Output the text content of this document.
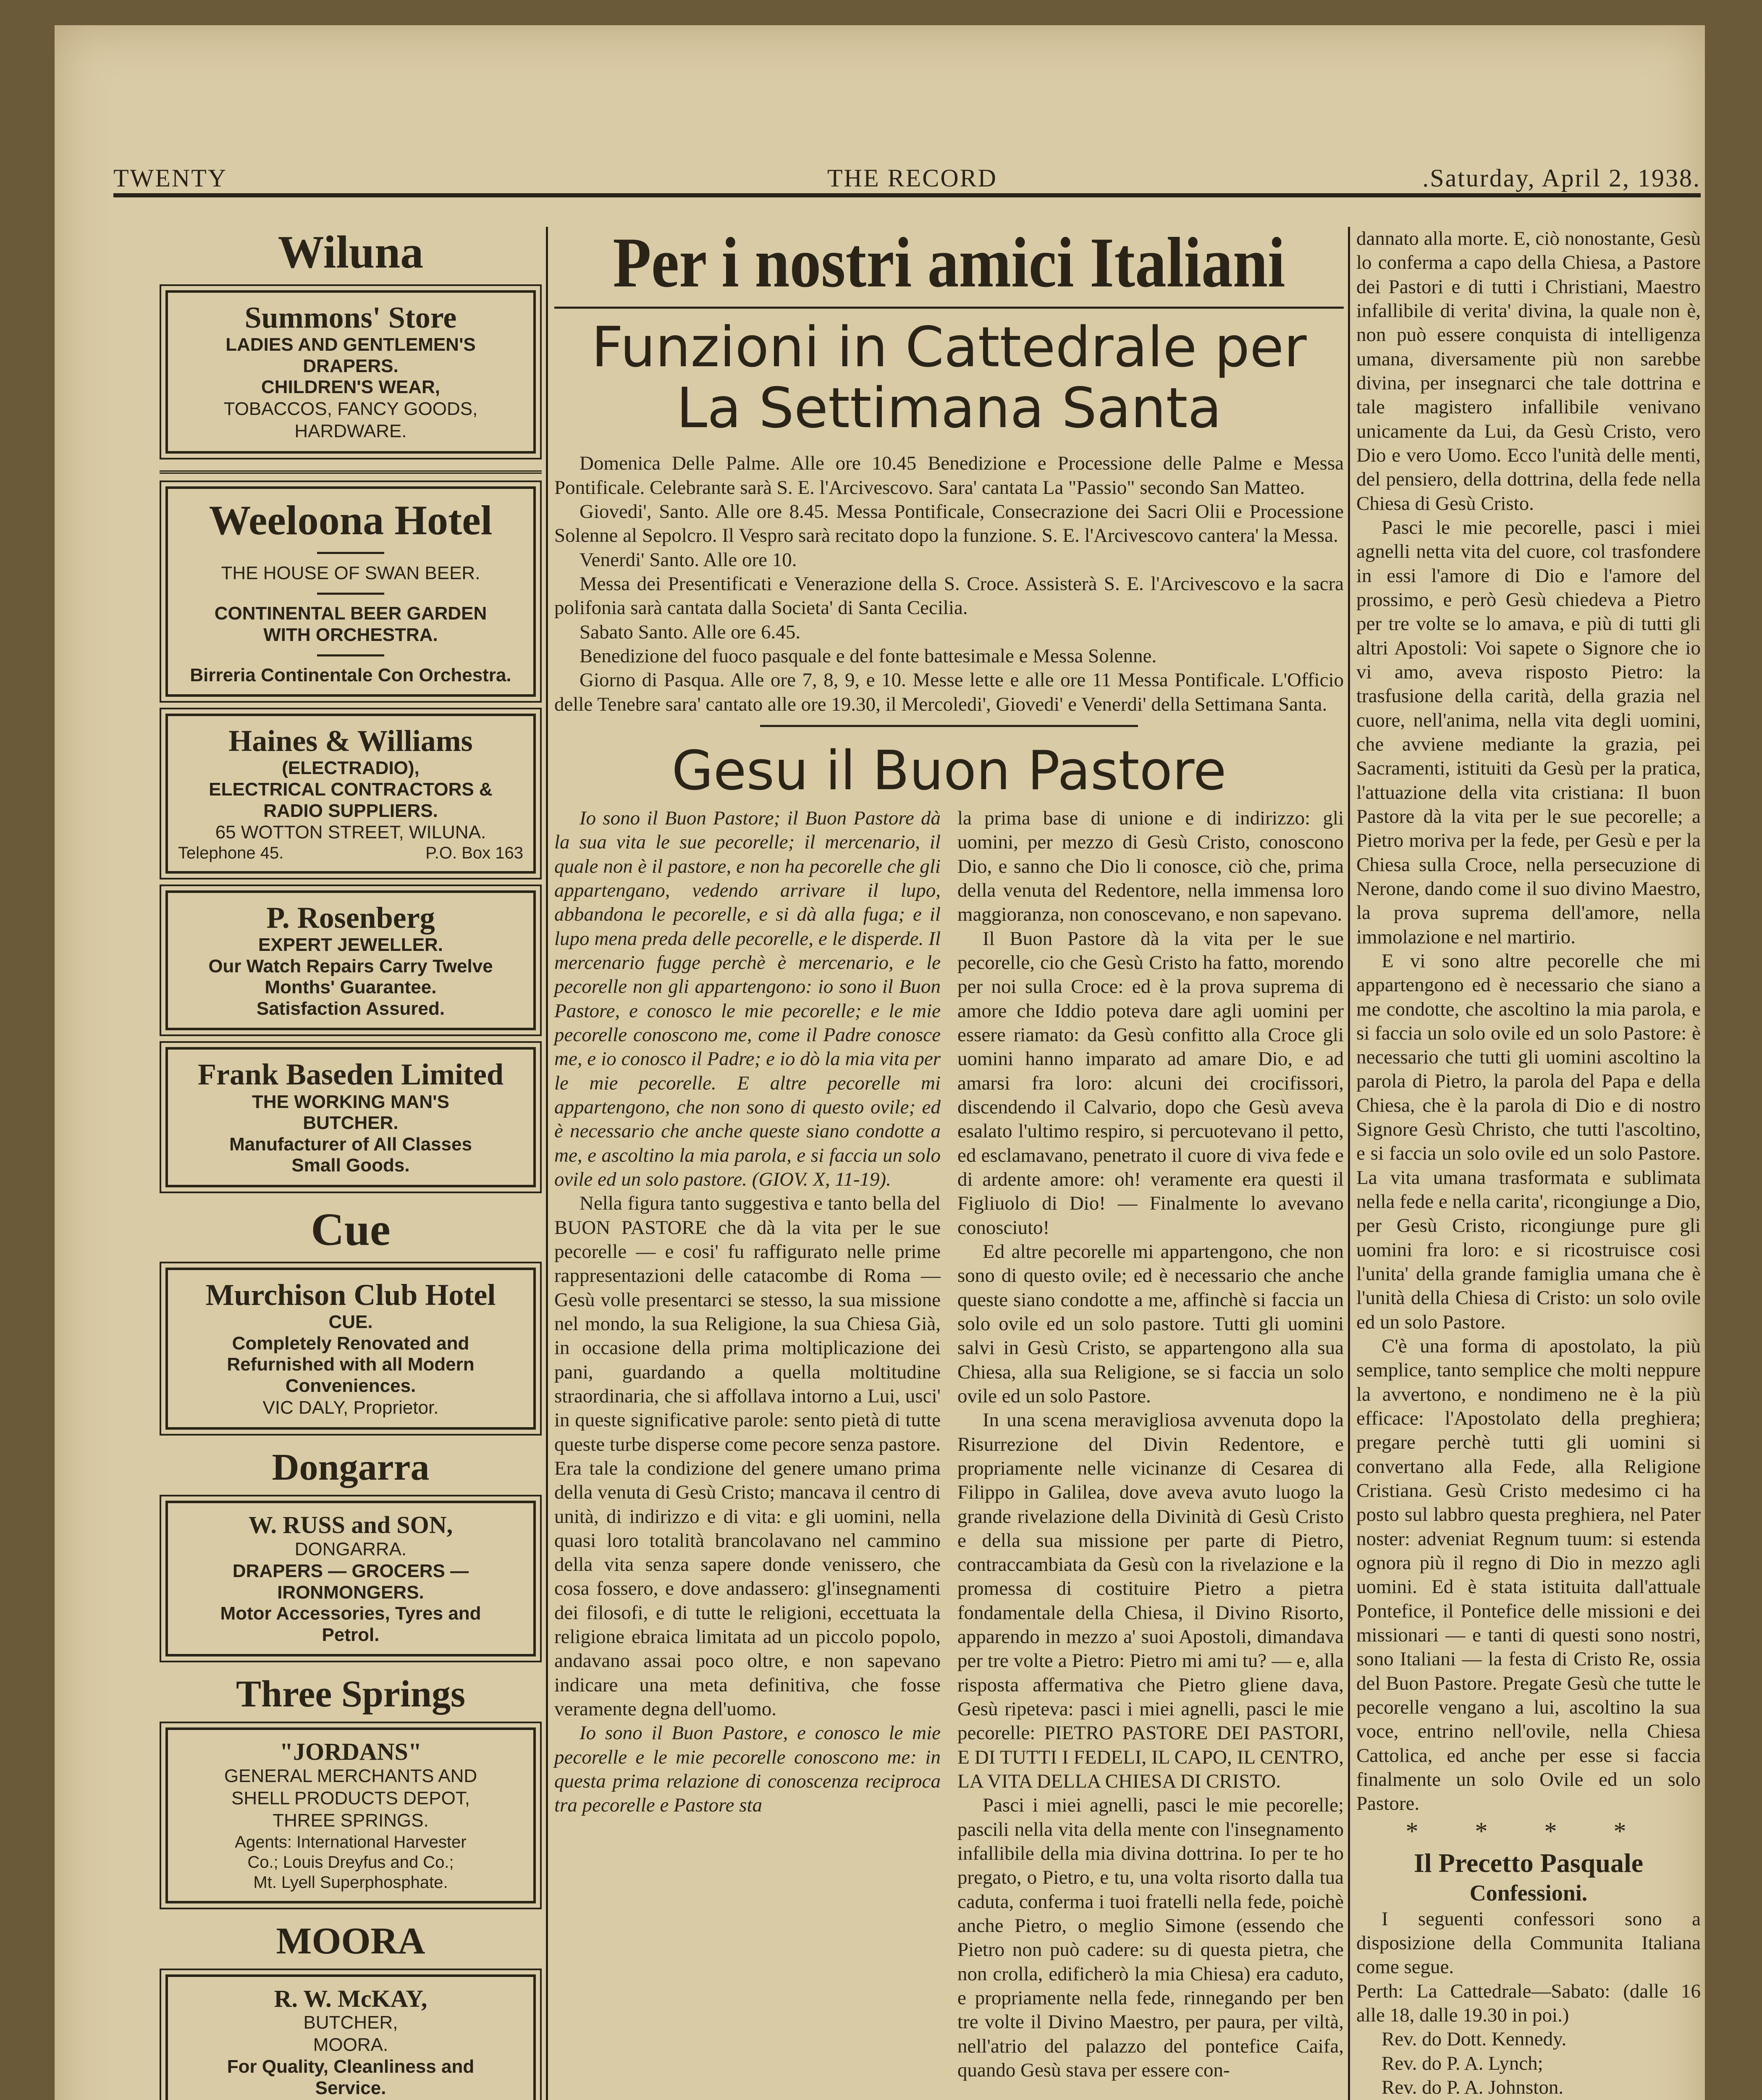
TWENTY	THE RECORD	.Saturday, April 2, 1938.

Wiluna

Summons' Store
LADIES AND GENTLEMEN'S
DRAPERS.
CHILDREN'S WEAR,
TOBACCOS, FANCY GOODS,
HARDWARE.
Weeloona Hotel
THE HOUSE OF SWAN BEER.
CONTINENTAL BEER GARDEN
WITH ORCHESTRA.
Birreria Continentale Con Orchestra.
Haines & Williams
(ELECTRADIO),
ELECTRICAL CONTRACTORS &
RADIO SUPPLIERS.
65 WOTTON STREET, WILUNA.
Telephone 45.	P.O. Box 163
P. Rosenberg
EXPERT JEWELLER.
Our Watch Repairs Carry Twelve
Months' Guarantee.
Satisfaction Assured.
Frank Baseden Limited
THE WORKING MAN'S
BUTCHER.
Manufacturer of All Classes
Small Goods.

Cue

Murchison Club Hotel
CUE.
Completely Renovated and Refurnished with all Modern Conveniences.
VIC DALY, Proprietor.

Dongarra

W. RUSS and SON,
DONGARRA.
DRAPERS — GROCERS —
IRONMONGERS.
Motor Accessories, Tyres and
Petrol.

Three Springs

"JORDANS"
GENERAL MERCHANTS AND
SHELL PRODUCTS DEPOT,
THREE SPRINGS.
Agents: International Harvester
Co.; Louis Dreyfus and Co.;
Mt. Lyell Superphosphate.

MOORA

R. W. McKAY,
BUTCHER,
MOORA.
For Quality, Cleanliness and
Service.

Per i nostri amici Italiani

Funzioni in Cattedrale per La Settimana Santa

Domenica Delle Palme. Alle ore 10.45 Benedizione e Processione delle Palme e Messa Pontificale. Celebrante sarà S. E. l'Arcivescovo. Sara' cantata La "Passio" secondo San Matteo.

Giovedi', Santo. Alle ore 8.45. Messa Pontificale, Consecrazione dei Sacri Olii e Processione Solenne al Sepolcro. Il Vespro sarà recitato dopo la funzione. S. E. l'Arcivescovo cantera' la Messa.

Venerdi' Santo. Alle ore 10.

Messa dei Presentificati e Venerazione della S. Croce. Assisterà S. E. l'Arcivescovo e la sacra polifonia sarà cantata dalla Societa' di Santa Cecilia.

Sabato Santo. Alle ore 6.45.

Benedizione del fuoco pasquale e del fonte battesimale e Messa Solenne.

Giorno di Pasqua. Alle ore 7, 8, 9, e 10. Messe lette e alle ore 11 Messa Pontificale. L'Officio delle Tenebre sara' cantato alle ore 19.30, il Mercoledi', Giovedi' e Venerdi' della Settimana Santa.

Gesu il Buon Pastore

Io sono il Buon Pastore; il Buon Pastore dà la sua vita le sue pecorelle; il mercenario, il quale non è il pastore, e non ha pecorelle che gli appartengano, vedendo arrivare il lupo, abbandona le pecorelle, e si dà alla fuga; e il lupo mena preda delle pecorelle, e le disperde. Il mercenario fugge perchè è mercenario, e le pecorelle non gli appartengono: io sono il Buon Pastore, e conosco le mie pecorelle; e le mie pecorelle conoscono me, come il Padre conosce me, e io conosco il Padre; e io dò la mia vita per le mie pecorelle. E altre pecorelle mi appartengono, che non sono di questo ovile; ed è necessario che anche queste siano condotte a me, e ascoltino la mia parola, e si faccia un solo ovile ed un solo pastore. (GIOV. X, 11-19).

Nella figura tanto suggestiva e tanto bella del BUON PASTORE che dà la vita per le sue pecorelle — e cosi' fu raffigurato nelle prime rappresentazioni delle catacombe di Roma — Gesù volle presentarci se stesso, la sua missione nel mondo, la sua Religione, la sua Chiesa Già, in occasione della prima moltiplicazione dei pani, guardando a quella moltitudine straordinaria, che si affollava intorno a Lui, usci' in queste significative parole: sento pietà di tutte queste turbe disperse come pecore senza pastore. Era tale la condizione del genere umano prima della venuta di Gesù Cristo; mancava il centro di unità, di indirizzo e di vita: e gli uomini, nella quasi loro totalità brancolavano nel cammino della vita senza sapere donde venissero, che cosa fossero, e dove andassero: gl'insegnamenti dei filosofi, e di tutte le religioni, eccettuata la religione ebraica limitata ad un piccolo popolo, andavano assai poco oltre, e non sapevano indicare una meta definitiva, che fosse veramente degna dell'uomo.

Io sono il Buon Pastore, e conosco le mie pecorelle e le mie pecorelle conoscono me: in questa prima relazione di conoscenza reciproca tra pecorelle e Pastore sta

la prima base di unione e di indirizzo: gli uomini, per mezzo di Gesù Cristo, conoscono Dio, e sanno che Dio li conosce, ciò che, prima della venuta del Redentore, nella immensa loro maggioranza, non conoscevano, e non sapevano.

Il Buon Pastore dà la vita per le sue pecorelle, cio che Gesù Cristo ha fatto, morendo per noi sulla Croce: ed è la prova suprema di amore che Iddio poteva dare agli uomini per essere riamato: da Gesù confitto alla Croce gli uomini hanno imparato ad amare Dio, e ad amarsi fra loro: alcuni dei crocifissori, discendendo il Calvario, dopo che Gesù aveva esalato l'ultimo respiro, si percuotevano il petto, ed esclamavano, penetrato il cuore di viva fede e di ardente amore: oh! veramente era questi il Figliuolo di Dio! — Finalmente lo avevano conosciuto!

Ed altre pecorelle mi appartengono, che non sono di questo ovile; ed è necessario che anche queste siano condotte a me, affinchè si faccia un solo ovile ed un solo pastore. Tutti gli uomini salvi in Gesù Cristo, se appartengono alla sua Chiesa, alla sua Religione, se si faccia un solo ovile ed un solo Pastore.

In una scena meravigliosa avvenuta dopo la Risurrezione del Divin Redentore, e propriamente nelle vicinanze di Cesarea di Filippo in Galilea, dove aveva avuto luogo la grande rivelazione della Divinità di Gesù Cristo e della sua missione per parte di Pietro, contraccambiata da Gesù con la rivelazione e la promessa di costituire Pietro a pietra fondamentale della Chiesa, il Divino Risorto, apparendo in mezzo a' suoi Apostoli, dimandava per tre volte a Pietro: Pietro mi ami tu? — e, alla risposta affermativa che Pietro gliene dava, Gesù ripeteva: pasci i miei agnelli, pasci le mie pecorelle: PIETRO PASTORE DEI PASTORI, E DI TUTTI I FEDELI, IL CAPO, IL CENTRO, LA VITA DELLA CHIESA DI CRISTO.

Pasci i miei agnelli, pasci le mie pecorelle; pascili nella vita della mente con l'insegnamento infallibile della mia divina dottrina. Io per te ho pregato, o Pietro, e tu, una volta risorto dalla tua caduta, conferma i tuoi fratelli nella fede, poichè anche Pietro, o meglio Simone (essendo che Pietro non può cadere: su di questa pietra, che non crolla, edificherò la mia Chiesa) era caduto, e propriamente nella fede, rinnegando per ben tre volte il Divino Maestro, per paura, per viltà, nell'atrio del palazzo del pontefice Caifa, quando Gesù stava per essere con-

dannato alla morte. E, ciò nonostante, Gesù lo conferma a capo della Chiesa, a Pastore dei Pastori e di tutti i Christiani, Maestro infallibile di verita' divina, la quale non è, non può essere conquista di intelligenza umana, diversamente più non sarebbe divina, per insegnarci che tale dottrina e tale magistero infallibile venivano unicamente da Lui, da Gesù Cristo, vero Dio e vero Uomo. Ecco l'unità delle menti, del pensiero, della dottrina, della fede nella Chiesa di Gesù Cristo.

Pasci le mie pecorelle, pasci i miei agnelli netta vita del cuore, col trasfondere in essi l'amore di Dio e l'amore del prossimo, e però Gesù chiedeva a Pietro per tre volte se lo amava, e più di tutti gli altri Apostoli: Voi sapete o Signore che io vi amo, aveva risposto Pietro: la trasfusione della carità, della grazia nel cuore, nell'anima, nella vita degli uomini, che avviene mediante la grazia, pei Sacramenti, istituiti da Gesù per la pratica, l'attuazione della vita cristiana: Il buon Pastore dà la vita per le sue pecorelle; a Pietro moriva per la fede, per Gesù e per la Chiesa sulla Croce, nella persecuzione di Nerone, dando come il suo divino Maestro, la prova suprema dell'amore, nella immolazione e nel martirio.

E vi sono altre pecorelle che mi appartengono ed è necessario che siano a me condotte, che ascoltino la mia parola, e si faccia un solo ovile ed un solo Pastore: è necessario che tutti gli uomini ascoltino la parola di Pietro, la parola del Papa e della Chiesa, che è la parola di Dio e di nostro Signore Gesù Christo, che tutti l'ascoltino, e si faccia un solo ovile ed un solo Pastore. La vita umana trasformata e sublimata nella fede e nella carita', ricongiunge a Dio, per Gesù Cristo, ricongiunge pure gli uomini fra loro: e si ricostruisce cosi l'unita' della grande famiglia umana che è l'unità della Chiesa di Cristo: un solo ovile ed un solo Pastore.

C'è una forma di apostolato, la più semplice, tanto semplice che molti neppure la avvertono, e nondimeno ne è la più efficace: l'Apostolato della preghiera; pregare perchè tutti gli uomini si convertano alla Fede, alla Religione Cristiana. Gesù Cristo medesimo ci ha posto sul labbro questa preghiera, nel Pater noster: adveniat Regnum tuum: si estenda ognora più il regno di Dio in mezzo agli uomini. Ed è stata istituita dall'attuale Pontefice, il Pontefice delle missioni e dei missionari — e tanti di questi sono nostri, sono Italiani — la festa di Cristo Re, ossia del Buon Pastore. Pregate Gesù che tutte le pecorelle vengano a lui, ascoltino la sua voce, entrino nell'ovile, nella Chiesa Cattolica, ed anche per esse si faccia finalmente un solo Ovile ed un solo Pastore.

* * * *

Il Precetto Pasquale

Confessioni.

I seguenti confessori sono a disposizione della Communita Italiana come segue.

Perth: La Cattedrale—Sabato: (dalle 16 alle 18, dalle 19.30 in poi.)

Rev. do Dott. Kennedy.

Rev. do P. A. Lynch;

Rev. do P. A. Johnston.
